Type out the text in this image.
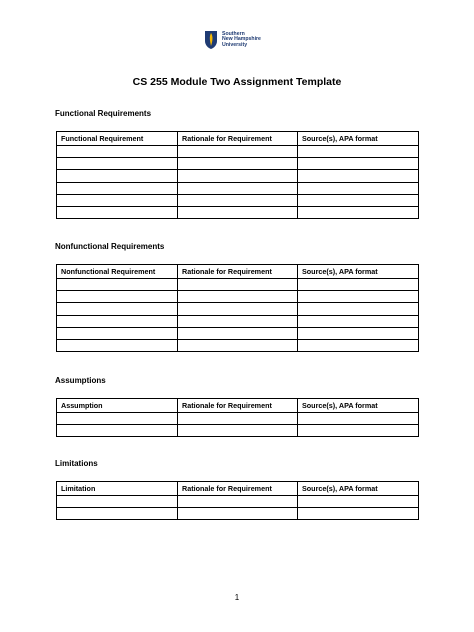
Southern
New Hampshire
University
CS 255 Module Two Assignment Template
Functional Requirements
Functional Requirement	Rationale for Requirement	Source(s), APA format

Nonfunctional Requirements
Nonfunctional Requirement	Rationale for Requirement	Source(s), APA format

Assumptions
Assumption	Rationale for Requirement	Source(s), APA format

Limitations
Limitation	Rationale for Requirement	Source(s), APA format

1
